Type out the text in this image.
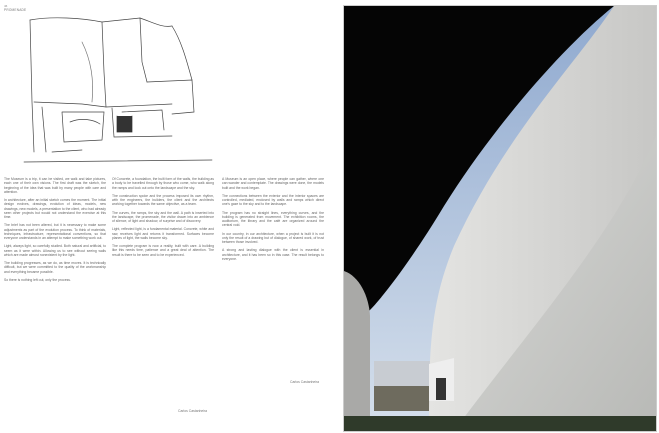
46
PROMENADE

The Museum is a trip, it can be visited, we walk and take pictures, each one of their own visions. The first draft was the sketch, the beginning of the idea that was built by many people with care and attention.

In architecture, after an initial sketch comes the moment. The initial design evolves, drawings, evolution of ideas, models, new drawings, new models, a presentation to the client, who had already seen other projects but would not understand the exercise at this time.

The brief has not been altered, but it is necessary to make some adjustments as part of the evolution process. To think of materials, techniques, infrastructure, representational conventions, so that everyone understands in an attempt to make something work out.

Light, always light, so carefully studied. Both natural and artificial, to seem as it were within. Allowing us to see without seeing walls which are made almost nonexistent by the light.

The building progresses, as we do, as time moves. It is technically difficult, but we were committed to the quality of the workmanship and everything became possible.

So there is nothing left out, only the process.

Of Concrete, a foundation, the built form of the walls, the building as a body to be travelled through by those who come, who walk along the ramps and look out onto the landscape and the sky.

The construction spoke and the process imposed its own rhythm, with the engineers, the builders, the client and the architects working together towards the same objective, as a team.

The curves, the ramps, the sky and the wall. A path is inserted into the landscape, the promenade, the visitor drawn into an ambience of silence, of light and shadow, of surprise and of discovery.

Light, reflected light, is a fundamental material. Concrete, white and raw, receives light and returns it transformed. Surfaces become planes of light, the walls become sky.

The complete program is now a reality, built with care. A building like this needs time, patience and a great deal of attention. The result is there to be seen and to be experienced.

A Museum is an open place, where people can gather, where one can wander and contemplate. The drawings were done, the models built and the work began.

The connections between the exterior and the interior spaces are controlled, mediated, enclosed by walls and ramps which direct one's gaze to the sky and to the landscape.

The program has no straight lines, everything curves, and the building is generated from movement. The exhibition rooms, the auditorium, the library and the café are organized around the central void.

In our country, in our architecture, when a project is built it is not only the result of a drawing but of dialogue, of shared work, of trust between those involved.

A strong and lasting dialogue with the client is essential in architecture, and it has been so in this case. The result belongs to everyone.

Carlos Castanheira
Carlos Castanheira
